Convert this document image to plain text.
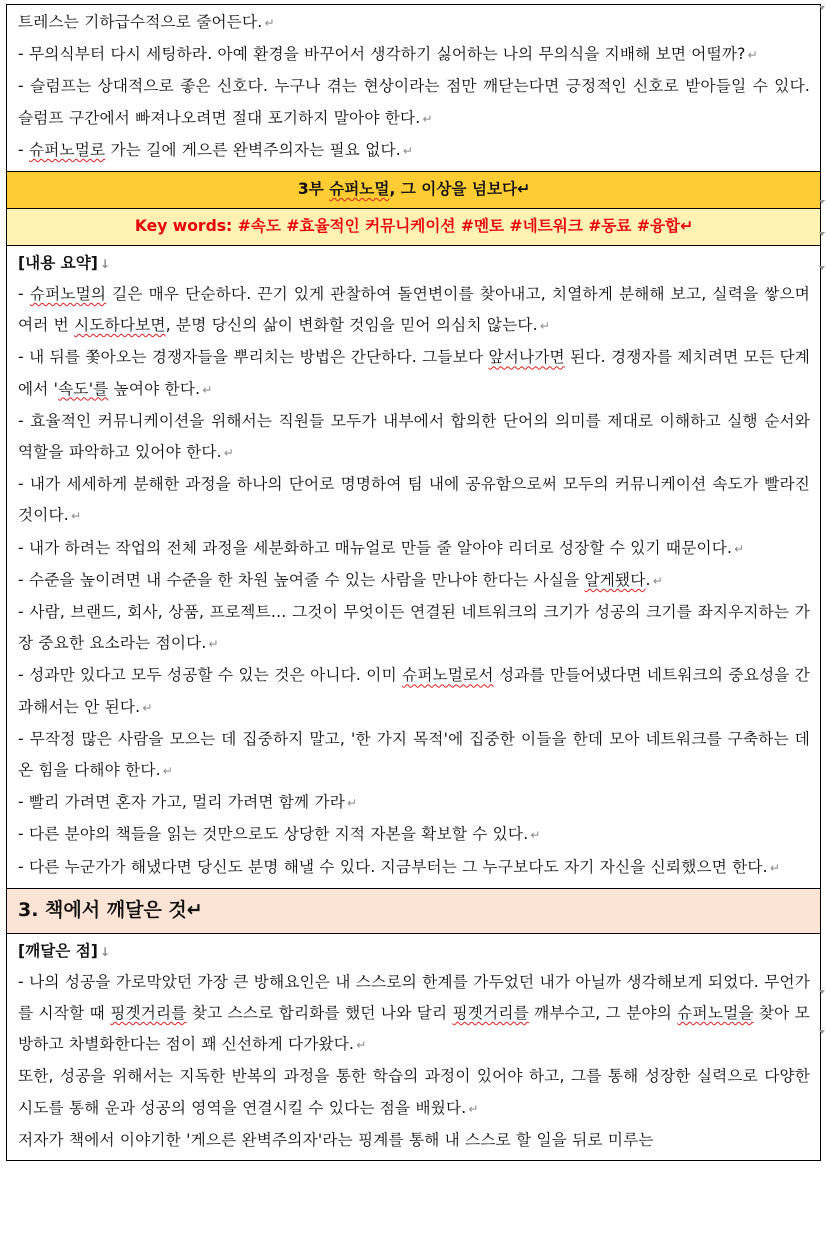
트레스는 기하급수적으로 줄어든다. ↵
- 무의식부터 다시 세팅하라. 아예 환경을 바꾸어서 생각하기 싫어하는 나의 무의식을 지배해 보면 어떨까? ↵
- 슬럼프는 상대적으로 좋은 신호다. 누구나 겪는 현상이라는 점만 깨닫는다면 긍정적인 신호로 받아들일 수 있다. 슬럼프 구간에서 빠져나오려면 절대 포기하지 말아야 한다. ↵
- 슈퍼노멀로 가는 길에 게으른 완벽주의자는 필요 없다. ↵

3부 슈퍼노멀, 그 이상을 넘보다↵
Key words: #속도 #효율적인 커뮤니케이션 #멘토 #네트워크 #동료 #융합↵

[내용 요약] ↓
- 슈퍼노멀의 길은 매우 단순하다. 끈기 있게 관찰하여 돌연변이를 찾아내고, 치열하게 분해해 보고, 실력을 쌓으며 여러 번 시도하다보면, 분명 당신의 삶이 변화할 것임을 믿어 의심치 않는다. ↵
- 내 뒤를 쫓아오는 경쟁자들을 뿌리치는 방법은 간단하다. 그들보다 앞서나가면 된다. 경쟁자를 제치려면 모든 단계에서 '속도'를 높여야 한다. ↵
- 효율적인 커뮤니케이션을 위해서는 직원들 모두가 내부에서 합의한 단어의 의미를 제대로 이해하고 실행 순서와 역할을 파악하고 있어야 한다. ↵
- 내가 세세하게 분해한 과정을 하나의 단어로 명명하여 팀 내에 공유함으로써 모두의 커뮤니케이션 속도가 빨라진 것이다. ↵
- 내가 하려는 작업의 전체 과정을 세분화하고 매뉴얼로 만들 줄 알아야 리더로 성장할 수 있기 때문이다. ↵
- 수준을 높이려면 내 수준을 한 차원 높여줄 수 있는 사람을 만나야 한다는 사실을 알게됐다. ↵
- 사람, 브랜드, 회사, 상품, 프로젝트… 그것이 무엇이든 연결된 네트워크의 크기가 성공의 크기를 좌지우지하는 가장 중요한 요소라는 점이다. ↵
- 성과만 있다고 모두 성공할 수 있는 것은 아니다. 이미 슈퍼노멀로서 성과를 만들어냈다면 네트워크의 중요성을 간과해서는 안 된다. ↵
- 무작정 많은 사람을 모으는 데 집중하지 말고, '한 가지 목적'에 집중한 이들을 한데 모아 네트워크를 구축하는 데 온 힘을 다해야 한다. ↵
- 빨리 가려면 혼자 가고, 멀리 가려면 함께 가라 ↵
- 다른 분야의 책들을 읽는 것만으로도 상당한 지적 자본을 확보할 수 있다. ↵
- 다른 누군가가 해냈다면 당신도 분명 해낼 수 있다. 지금부터는 그 누구보다도 자기 자신을 신뢰했으면 한다. ↵

3. 책에서 깨달은 것↵

[깨달은 점] ↓
- 나의 성공을 가로막았던 가장 큰 방해요인은 내 스스로의 한계를 가두었던 내가 아닐까 생각해보게 되었다. 무언가를 시작할 때 핑곗거리를 찾고 스스로 합리화를 했던 나와 달리 핑곗거리를 깨부수고, 그 분야의 슈퍼노멀을 찾아 모방하고 차별화한다는 점이 꽤 신선하게 다가왔다. ↵
또한, 성공을 위해서는 지독한 반복의 과정을 통한 학습의 과정이 있어야 하고, 그를 통해 성장한 실력으로 다양한 시도를 통해 운과 성공의 영역을 연결시킬 수 있다는 점을 배웠다. ↵
저자가 책에서 이야기한 '게으른 완벽주의자'라는 핑계를 통해 내 스스로 할 일을 뒤로 미루는
